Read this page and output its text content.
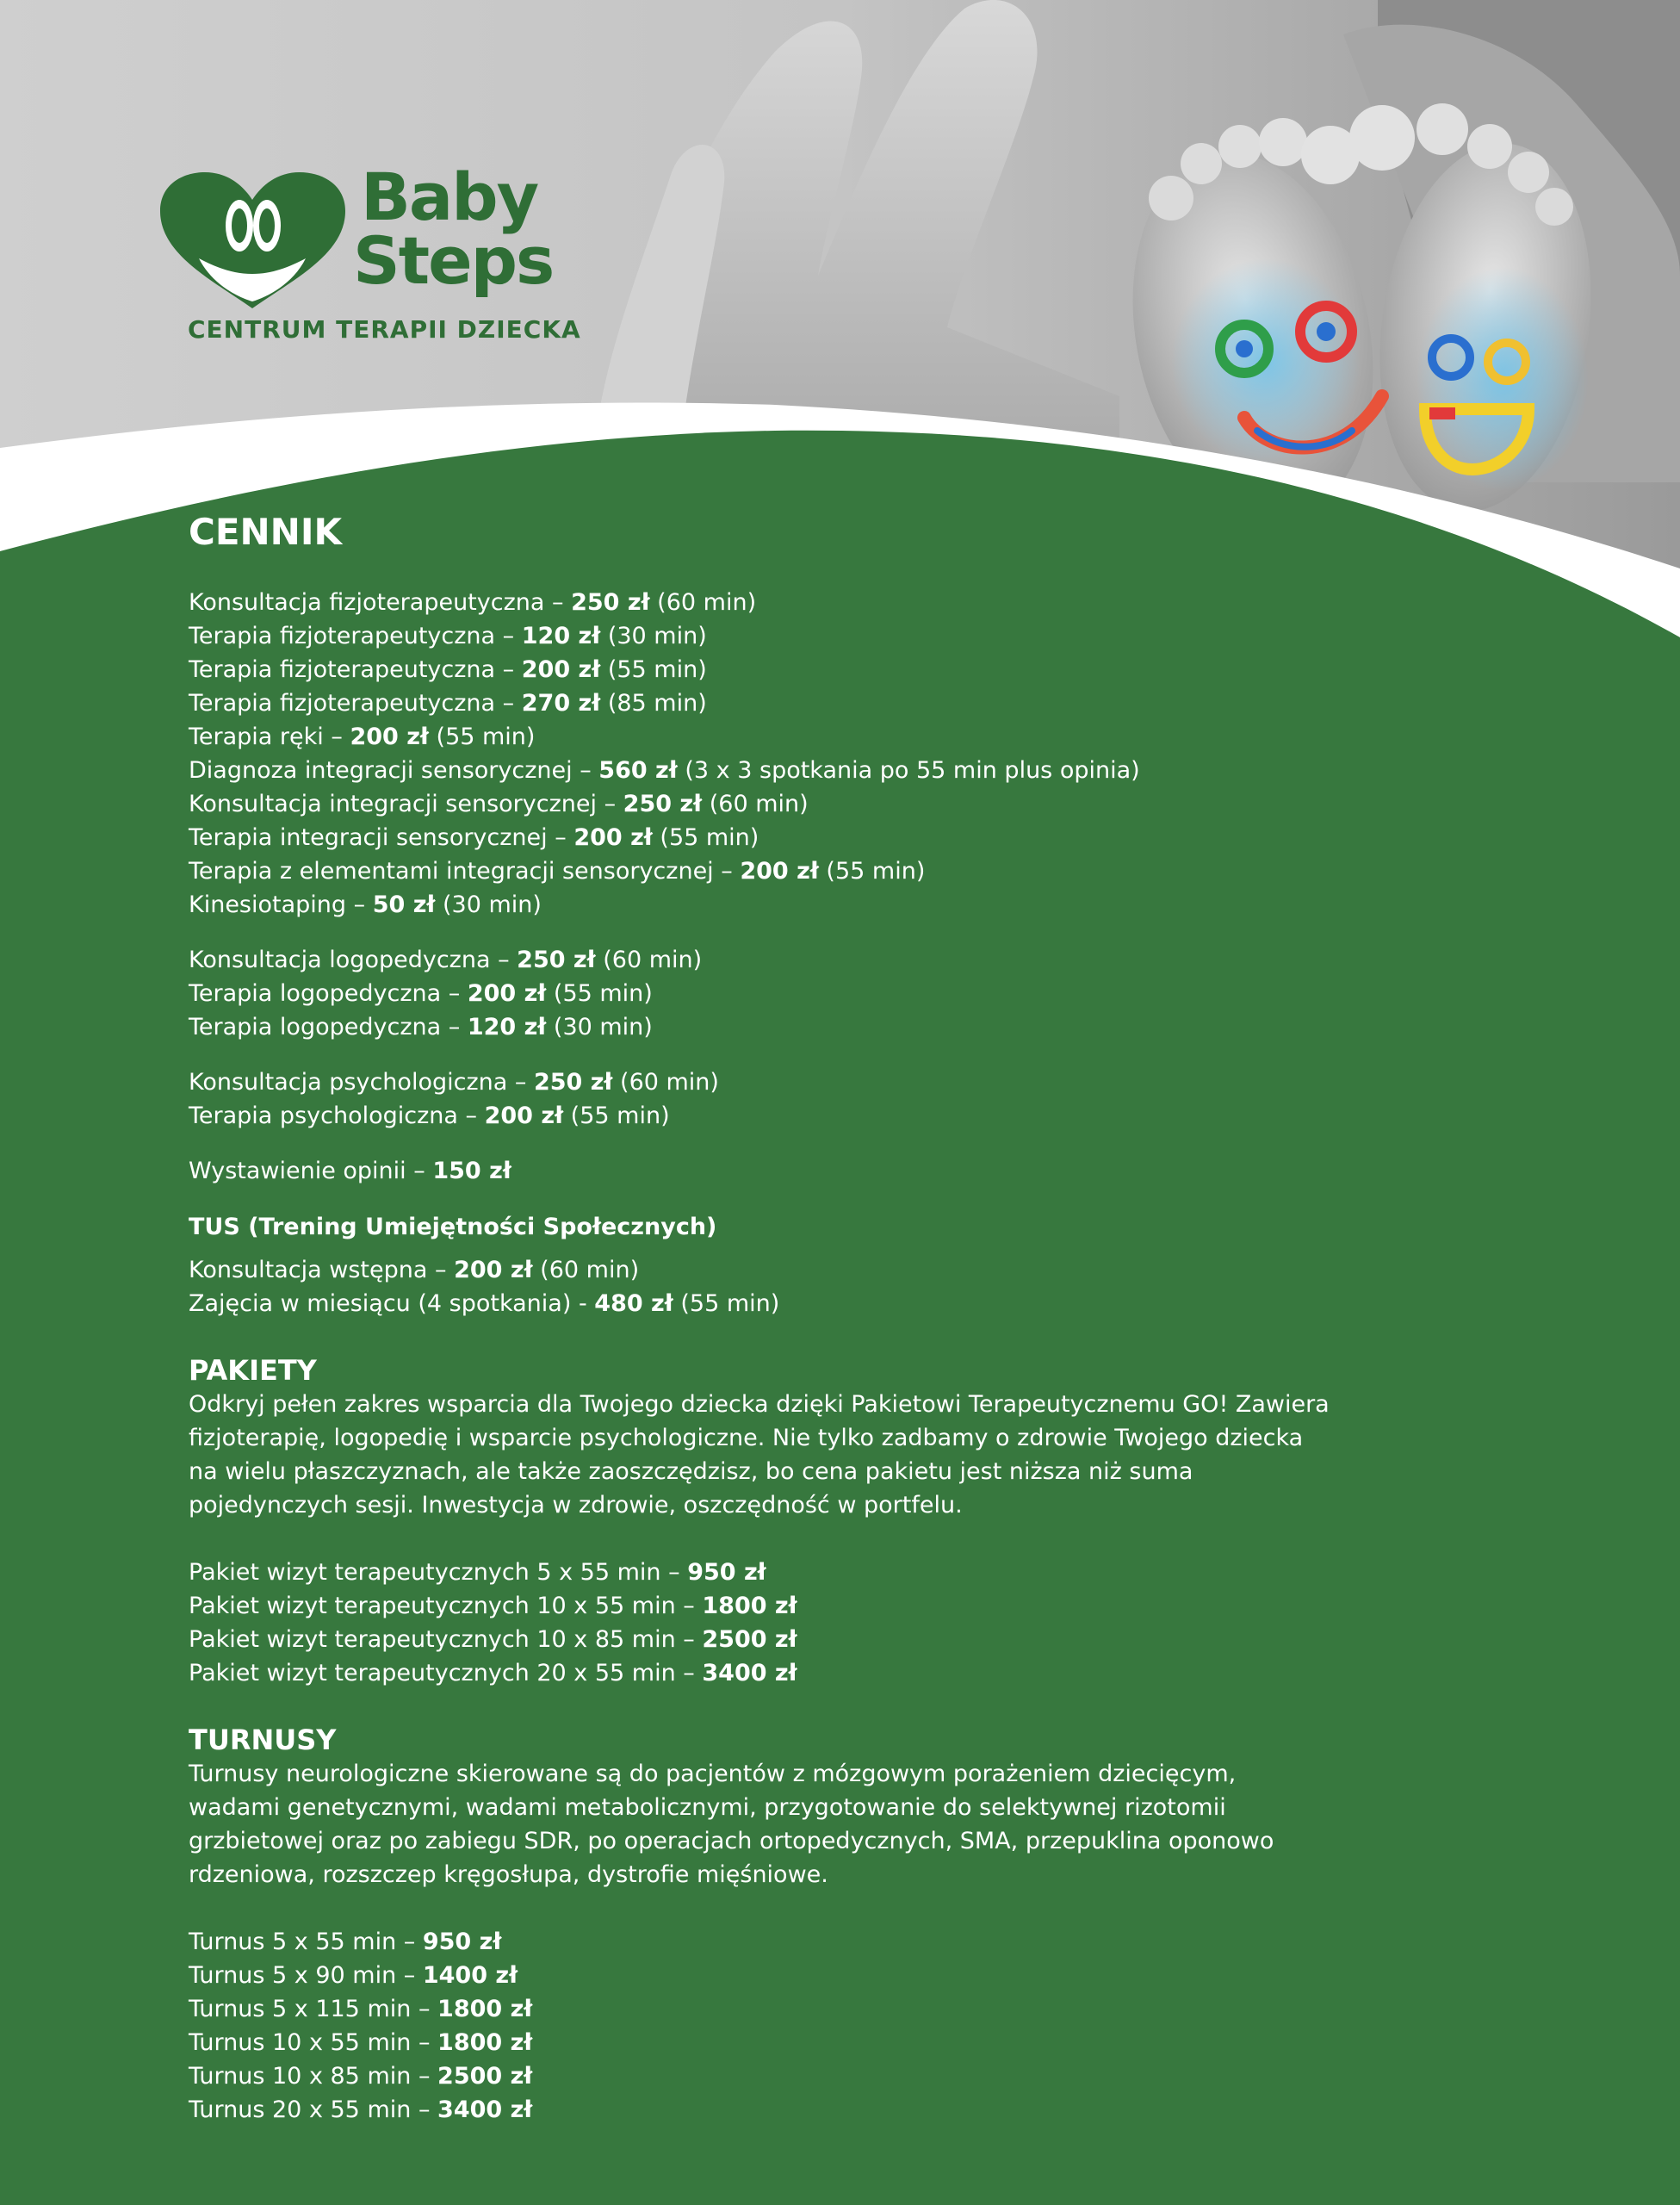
Baby
Steps
CENTRUM TERAPII DZIECKA
CENNIK
Konsultacja fizjoterapeutyczna – 250 zł (60 min)
Terapia fizjoterapeutyczna – 120 zł (30 min)
Terapia fizjoterapeutyczna – 200 zł (55 min)
Terapia fizjoterapeutyczna – 270 zł (85 min)
Terapia ręki – 200 zł (55 min)
Diagnoza integracji sensorycznej – 560 zł (3 x 3 spotkania po 55 min plus opinia)
Konsultacja integracji sensorycznej – 250 zł (60 min)
Terapia integracji sensorycznej – 200 zł (55 min)
Terapia z elementami integracji sensorycznej – 200 zł (55 min)
Kinesiotaping – 50 zł (30 min)
Konsultacja logopedyczna – 250 zł (60 min)
Terapia logopedyczna – 200 zł (55 min)
Terapia logopedyczna – 120 zł (30 min)
Konsultacja psychologiczna – 250 zł (60 min)
Terapia psychologiczna – 200 zł (55 min)
Wystawienie opinii – 150 zł
TUS (Trening Umiejętności Społecznych)
Konsultacja wstępna – 200 zł (60 min)
Zajęcia w miesiącu (4 spotkania) - 480 zł (55 min)
PAKIETY
Odkryj pełen zakres wsparcia dla Twojego dziecka dzięki Pakietowi Terapeutycznemu GO! Zawiera fizjoterapię, logopedię i wsparcie psychologiczne. Nie tylko zadbamy o zdrowie Twojego dziecka na wielu płaszczyznach, ale także zaoszczędzisz, bo cena pakietu jest niższa niż suma pojedynczych sesji. Inwestycja w zdrowie, oszczędność w portfelu.
Pakiet wizyt terapeutycznych 5 x 55 min – 950 zł
Pakiet wizyt terapeutycznych 10 x 55 min – 1800 zł
Pakiet wizyt terapeutycznych 10 x 85 min – 2500 zł
Pakiet wizyt terapeutycznych 20 x 55 min – 3400 zł
TURNUSY
Turnusy neurologiczne skierowane są do pacjentów z mózgowym porażeniem dziecięcym, wadami genetycznymi, wadami metabolicznymi, przygotowanie do selektywnej rizotomii grzbietowej oraz po zabiegu SDR, po operacjach ortopedycznych, SMA, przepuklina oponowo rdzeniowa, rozszczep kręgosłupa, dystrofie mięśniowe.
Turnus 5 x 55 min – 950 zł
Turnus 5 x 90 min – 1400 zł
Turnus 5 x 115 min – 1800 zł
Turnus 10 x 55 min – 1800 zł
Turnus 10 x 85 min – 2500 zł
Turnus 20 x 55 min – 3400 zł
